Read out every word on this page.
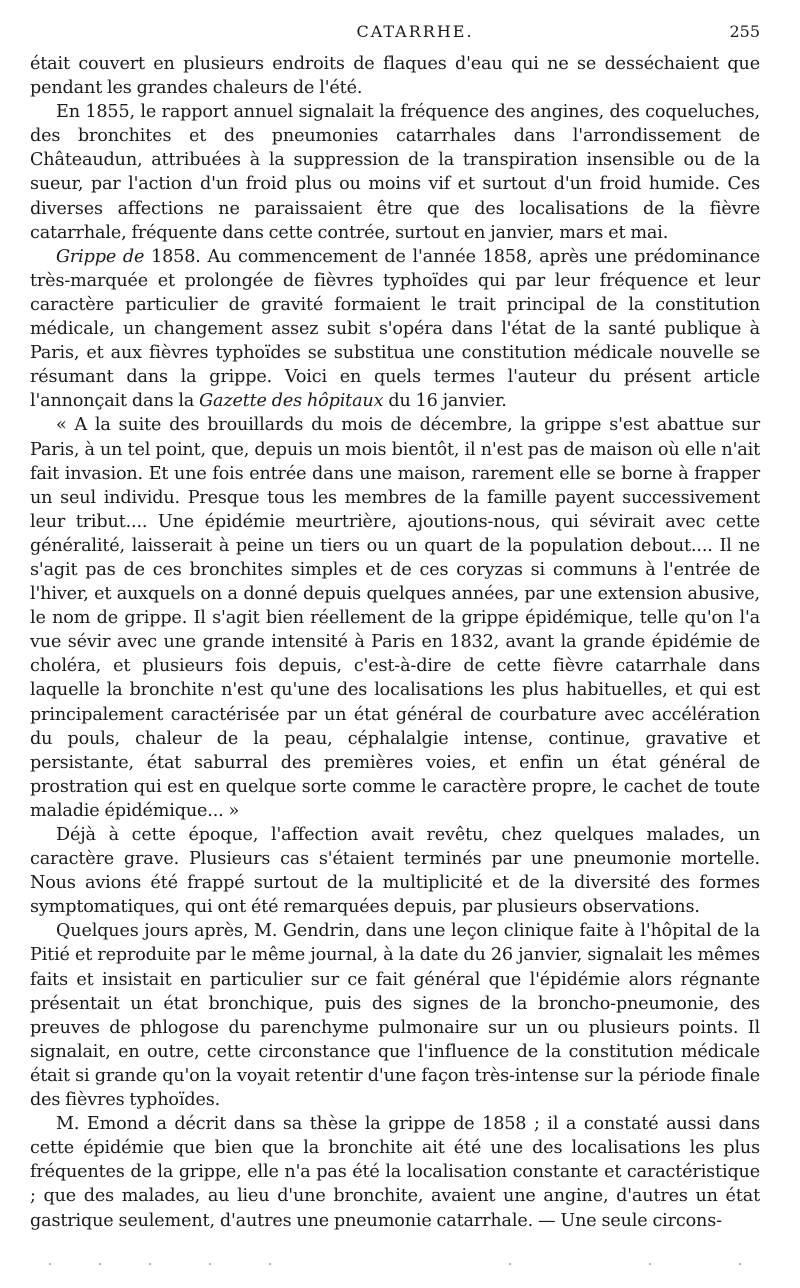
CATARRHE.	255

était couvert en plusieurs endroits de flaques d'eau qui ne se desséchaient que pendant les grandes chaleurs de l'été.

En 1855, le rapport annuel signalait la fréquence des angines, des coqueluches, des bronchites et des pneumonies catarrhales dans l'arrondissement de Châteaudun, attribuées à la suppression de la transpiration insensible ou de la sueur, par l'action d'un froid plus ou moins vif et surtout d'un froid humide. Ces diverses affections ne paraissaient être que des localisations de la fièvre catarrhale, fréquente dans cette contrée, surtout en janvier, mars et mai.

Grippe de 1858. Au commencement de l'année 1858, après une prédominance très-marquée et prolongée de fièvres typhoïdes qui par leur fréquence et leur caractère particulier de gravité formaient le trait principal de la constitution médicale, un changement assez subit s'opéra dans l'état de la santé publique à Paris, et aux fièvres typhoïdes se substitua une constitution médicale nouvelle se résumant dans la grippe. Voici en quels termes l'auteur du présent article l'annonçait dans la Gazette des hôpitaux du 16 janvier.

« A la suite des brouillards du mois de décembre, la grippe s'est abattue sur Paris, à un tel point, que, depuis un mois bientôt, il n'est pas de maison où elle n'ait fait invasion. Et une fois entrée dans une maison, rarement elle se borne à frapper un seul individu. Presque tous les membres de la famille payent successivement leur tribut.... Une épidémie meurtrière, ajoutions-nous, qui sévirait avec cette généralité, laisserait à peine un tiers ou un quart de la population debout.... Il ne s'agit pas de ces bronchites simples et de ces coryzas si communs à l'entrée de l'hiver, et auxquels on a donné depuis quelques années, par une extension abusive, le nom de grippe. Il s'agit bien réellement de la grippe épidémique, telle qu'on l'a vue sévir avec une grande intensité à Paris en 1832, avant la grande épidémie de choléra, et plusieurs fois depuis, c'est-à-dire de cette fièvre catarrhale dans laquelle la bronchite n'est qu'une des localisations les plus habituelles, et qui est principalement caractérisée par un état général de courbature avec accélération du pouls, chaleur de la peau, céphalalgie intense, continue, gravative et persistante, état saburral des premières voies, et enfin un état général de prostration qui est en quelque sorte comme le caractère propre, le cachet de toute maladie épidémique... »

Déjà à cette époque, l'affection avait revêtu, chez quelques malades, un caractère grave. Plusieurs cas s'étaient terminés par une pneumonie mortelle. Nous avions été frappé surtout de la multiplicité et de la diversité des formes symptomatiques, qui ont été remarquées depuis, par plusieurs observations.

Quelques jours après, M. Gendrin, dans une leçon clinique faite à l'hôpital de la Pitié et reproduite par le même journal, à la date du 26 janvier, signalait les mêmes faits et insistait en particulier sur ce fait général que l'épidémie alors régnante présentait un état bronchique, puis des signes de la broncho-pneumonie, des preuves de phlogose du parenchyme pulmonaire sur un ou plusieurs points. Il signalait, en outre, cette circonstance que l'influence de la constitution médicale était si grande qu'on la voyait retentir d'une façon très-intense sur la période finale des fièvres typhoïdes.

M. Emond a décrit dans sa thèse la grippe de 1858 ; il a constaté aussi dans cette épidémie que bien que la bronchite ait été une des localisations les plus fréquentes de la grippe, elle n'a pas été la localisation constante et caractéristique ; que des malades, au lieu d'une bronchite, avaient une angine, d'autres un état gastrique seulement, d'autres une pneumonie catarrhale. — Une seule circons-
